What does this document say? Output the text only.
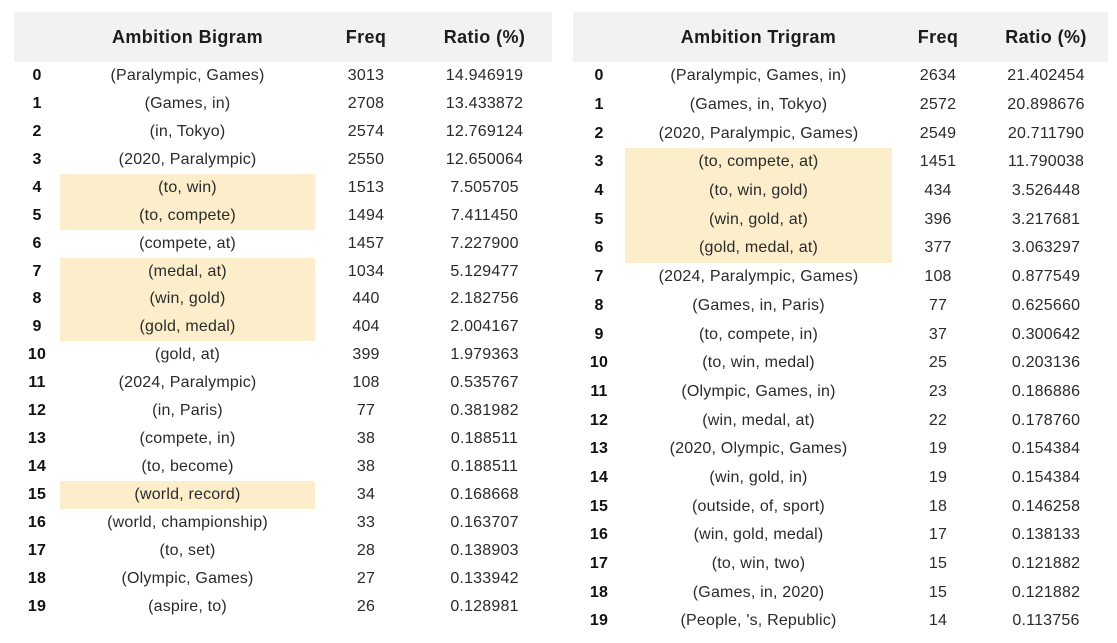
	Ambition Bigram	Freq	Ratio (%)
0	(Paralympic, Games)	3013	14.946919
1	(Games, in)	2708	13.433872
2	(in, Tokyo)	2574	12.769124
3	(2020, Paralympic)	2550	12.650064
4	(to, win)	1513	7.505705
5	(to, compete)	1494	7.411450
6	(compete, at)	1457	7.227900
7	(medal, at)	1034	5.129477
8	(win, gold)	440	2.182756
9	(gold, medal)	404	2.004167
10	(gold, at)	399	1.979363
11	(2024, Paralympic)	108	0.535767
12	(in, Paris)	77	0.381982
13	(compete, in)	38	0.188511
14	(to, become)	38	0.188511
15	(world, record)	34	0.168668
16	(world, championship)	33	0.163707
17	(to, set)	28	0.138903
18	(Olympic, Games)	27	0.133942
19	(aspire, to)	26	0.128981
	Ambition Trigram	Freq	Ratio (%)
0	(Paralympic, Games, in)	2634	21.402454
1	(Games, in, Tokyo)	2572	20.898676
2	(2020, Paralympic, Games)	2549	20.711790
3	(to, compete, at)	1451	11.790038
4	(to, win, gold)	434	3.526448
5	(win, gold, at)	396	3.217681
6	(gold, medal, at)	377	3.063297
7	(2024, Paralympic, Games)	108	0.877549
8	(Games, in, Paris)	77	0.625660
9	(to, compete, in)	37	0.300642
10	(to, win, medal)	25	0.203136
11	(Olympic, Games, in)	23	0.186886
12	(win, medal, at)	22	0.178760
13	(2020, Olympic, Games)	19	0.154384
14	(win, gold, in)	19	0.154384
15	(outside, of, sport)	18	0.146258
16	(win, gold, medal)	17	0.138133
17	(to, win, two)	15	0.121882
18	(Games, in, 2020)	15	0.121882
19	(People, 's, Republic)	14	0.113756
